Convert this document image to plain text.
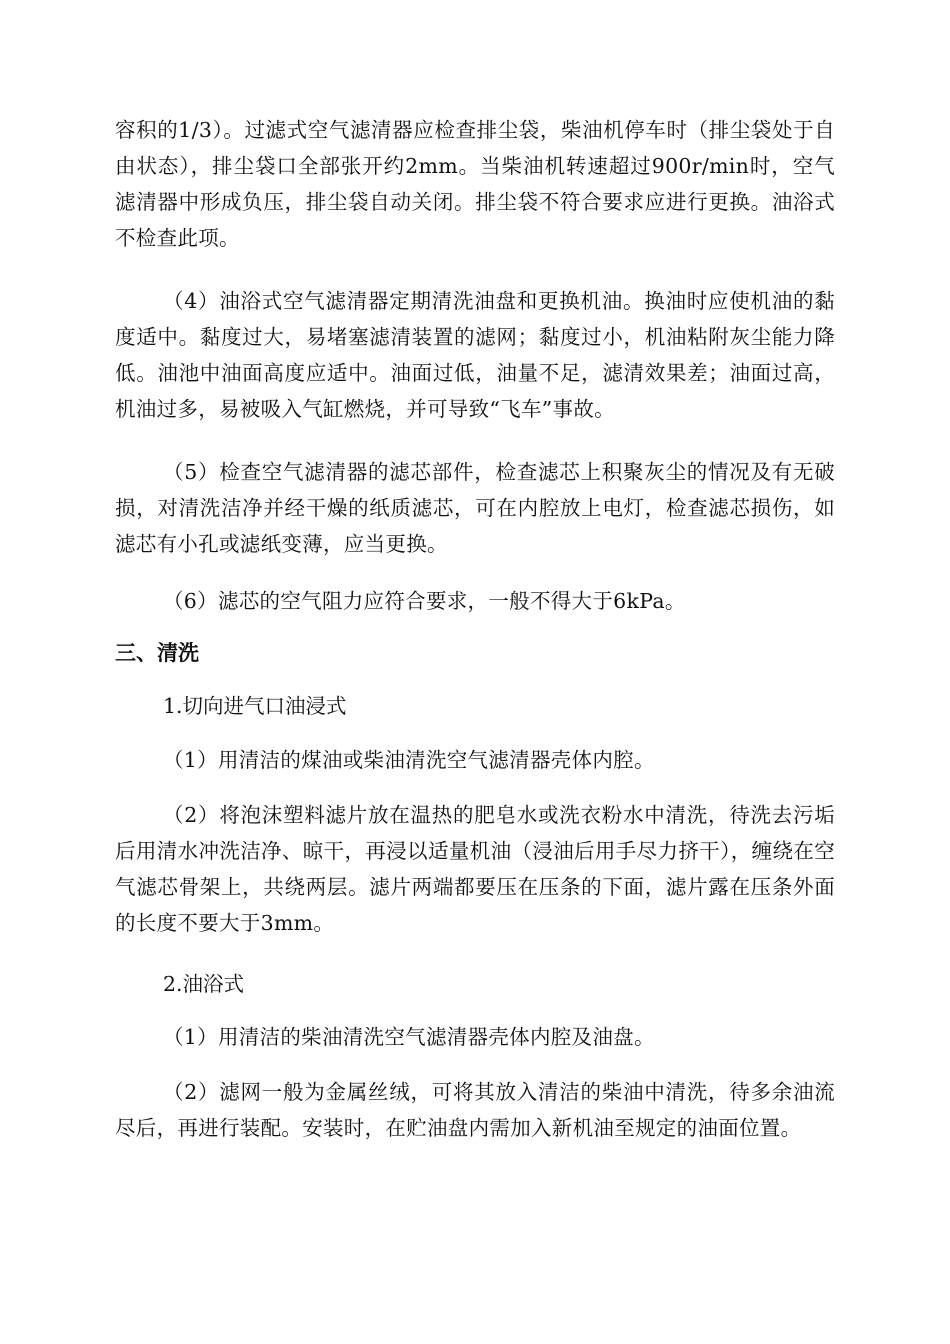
容积的1/3）。过滤式空气滤清器应检查排尘袋，柴油机停车时（排尘袋处于自由状态），排尘袋口全部张开约2mm。当柴油机转速超过900r/min时，空气滤清器中形成负压，排尘袋自动关闭。排尘袋不符合要求应进行更换。油浴式不检查此项。

（4）油浴式空气滤清器定期清洗油盘和更换机油。换油时应使机油的黏度适中。黏度过大，易堵塞滤清装置的滤网；黏度过小，机油粘附灰尘能力降低。油池中油面高度应适中。油面过低，油量不足，滤清效果差；油面过高，机油过多，易被吸入气缸燃烧，并可导致“飞车”事故。

（5）检查空气滤清器的滤芯部件，检查滤芯上积聚灰尘的情况及有无破损，对清洗洁净并经干燥的纸质滤芯，可在内腔放上电灯，检查滤芯损伤，如滤芯有小孔或滤纸变薄，应当更换。

（6）滤芯的空气阻力应符合要求，一般不得大于6kPa。

三、清洗

1.切向进气口油浸式

（1）用清洁的煤油或柴油清洗空气滤清器壳体内腔。

（2）将泡沫塑料滤片放在温热的肥皂水或洗衣粉水中清洗，待洗去污垢后用清水冲洗洁净、晾干，再浸以适量机油（浸油后用手尽力挤干），缠绕在空气滤芯骨架上，共绕两层。滤片两端都要压在压条的下面，滤片露在压条外面的长度不要大于3mm。

2.油浴式

（1）用清洁的柴油清洗空气滤清器壳体内腔及油盘。

（2）滤网一般为金属丝绒，可将其放入清洁的柴油中清洗，待多余油流尽后，再进行装配。安装时，在贮油盘内需加入新机油至规定的油面位置。
